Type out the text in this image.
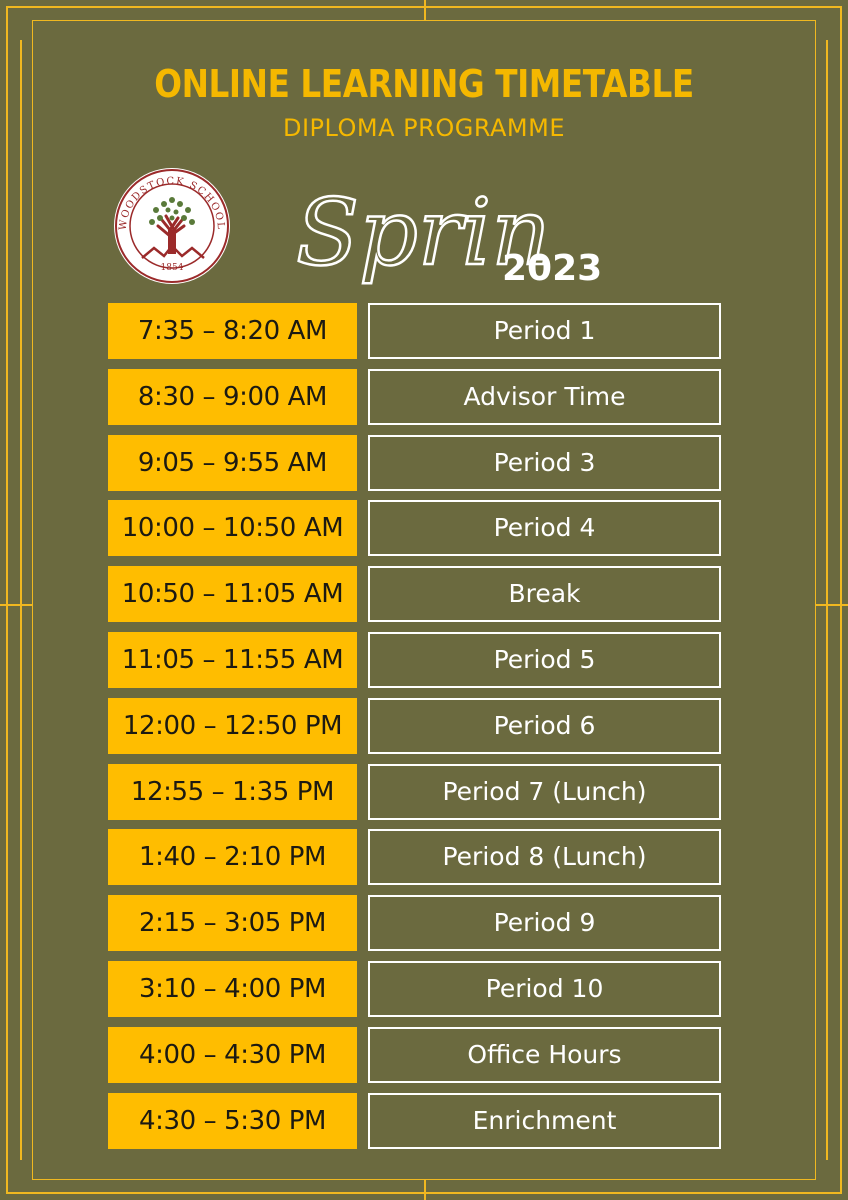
ONLINE LEARNING TIMETABLE
DIPLOMA PROGRAMME
WOODSTOCK SCHOOL
1854 Sprin
2023
7:35 – 8:20 AM	Period 1
8:30 – 9:00 AM	Advisor Time
9:05 – 9:55 AM	Period 3
10:00 – 10:50 AM	Period 4
10:50 – 11:05 AM	Break
11:05 – 11:55 AM	Period 5
12:00 – 12:50 PM	Period 6
12:55 – 1:35 PM	Period 7 (Lunch)
1:40 – 2:10 PM	Period 8 (Lunch)
2:15 – 3:05 PM	Period 9
3:10 – 4:00 PM	Period 10
4:00 – 4:30 PM	Office Hours
4:30 – 5:30 PM	Enrichment
